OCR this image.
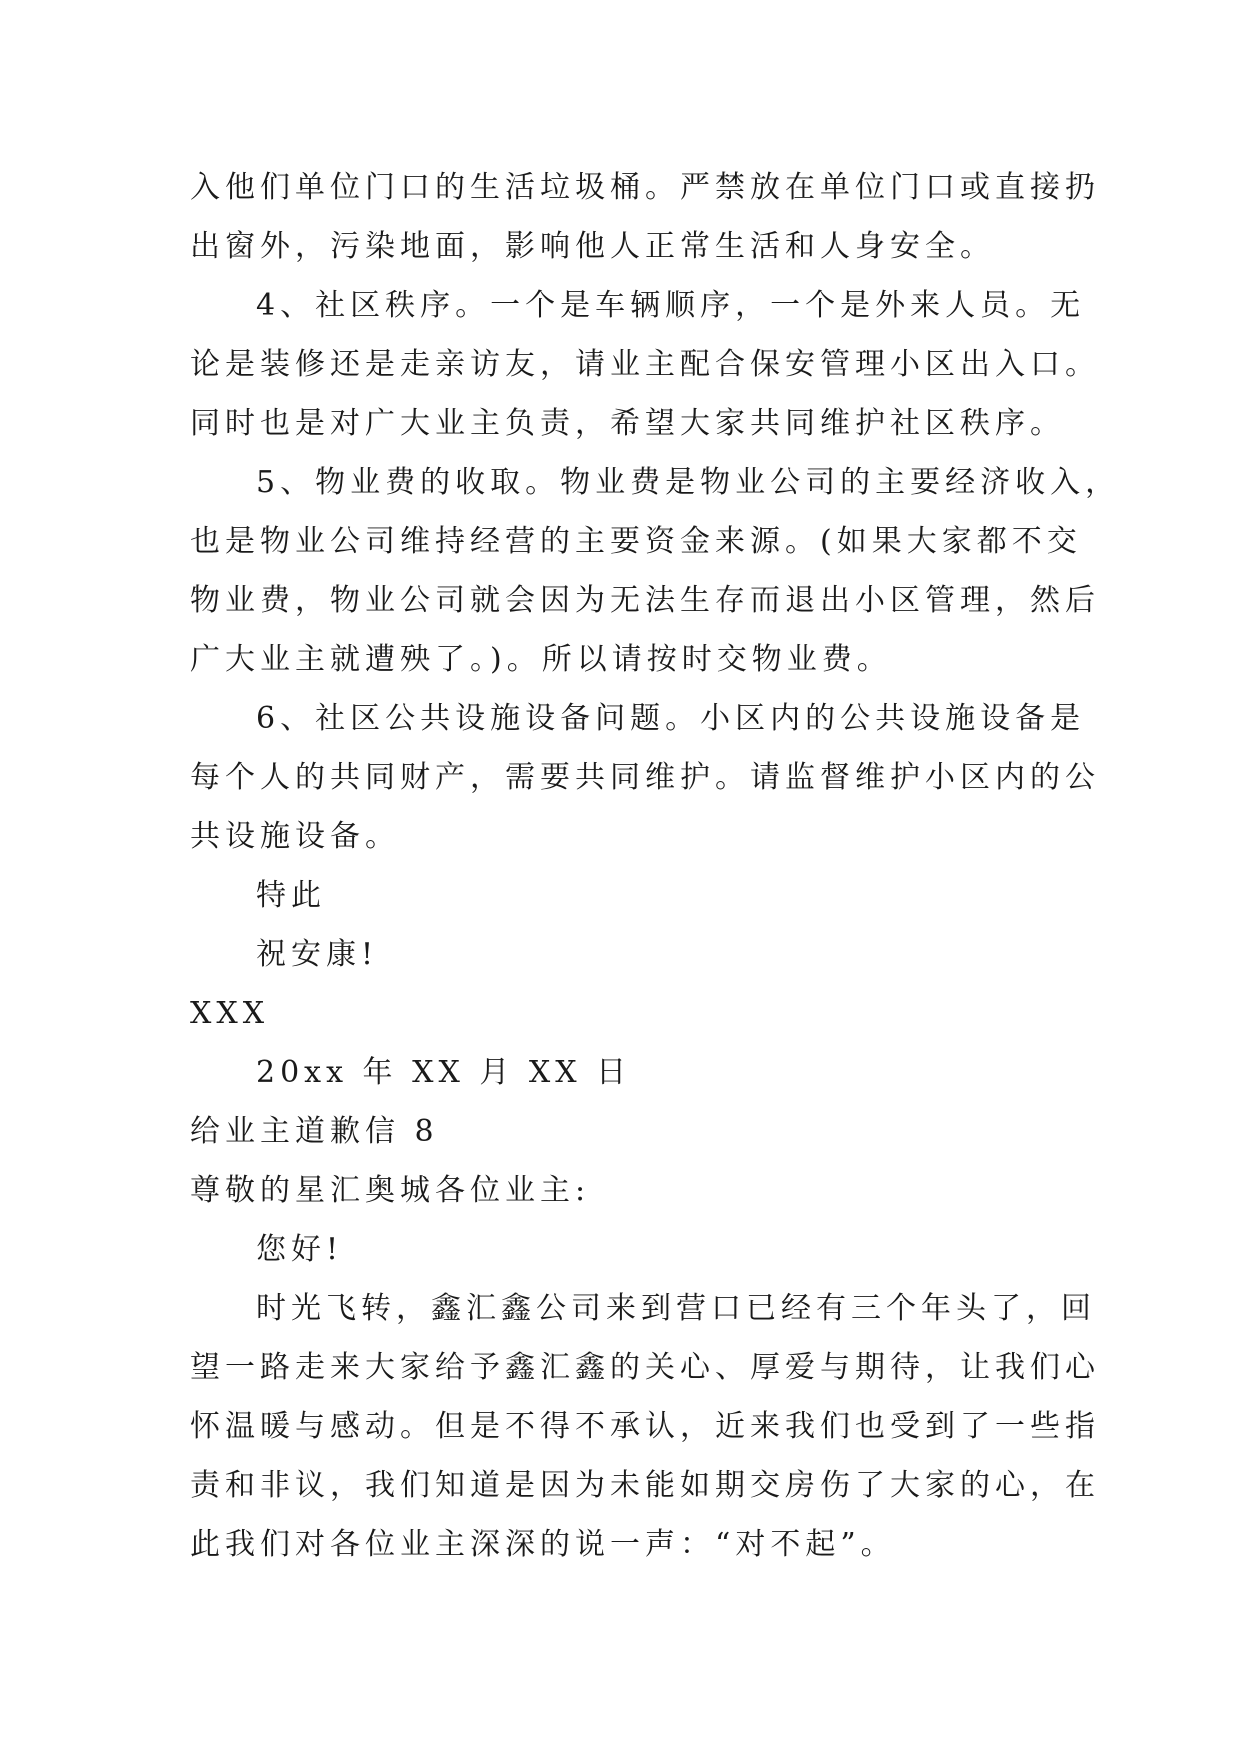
入他们单位门口的生活垃圾桶。严禁放在单位门口或直接扔

出窗外，污染地面，影响他人正常生活和人身安全。

4、社区秩序。一个是车辆顺序，一个是外来人员。无

论是装修还是走亲访友，请业主配合保安管理小区出入口。

同时也是对广大业主负责，希望大家共同维护社区秩序。

5、物业费的收取。物业费是物业公司的主要经济收入，

也是物业公司维持经营的主要资金来源。(如果大家都不交

物业费，物业公司就会因为无法生存而退出小区管理，然后

广大业主就遭殃了。)。所以请按时交物业费。

6、社区公共设施设备问题。小区内的公共设施设备是

每个人的共同财产，需要共同维护。请监督维护小区内的公

共设施设备。

特此

祝安康!

XXX

20xx 年 XX 月 XX 日

给业主道歉信 8

尊敬的星汇奥城各位业主:

您好!

时光飞转，鑫汇鑫公司来到营口已经有三个年头了，回

望一路走来大家给予鑫汇鑫的关心、厚爱与期待，让我们心

怀温暖与感动。但是不得不承认，近来我们也受到了一些指

责和非议，我们知道是因为未能如期交房伤了大家的心，在

此我们对各位业主深深的说一声：“对不起”。
